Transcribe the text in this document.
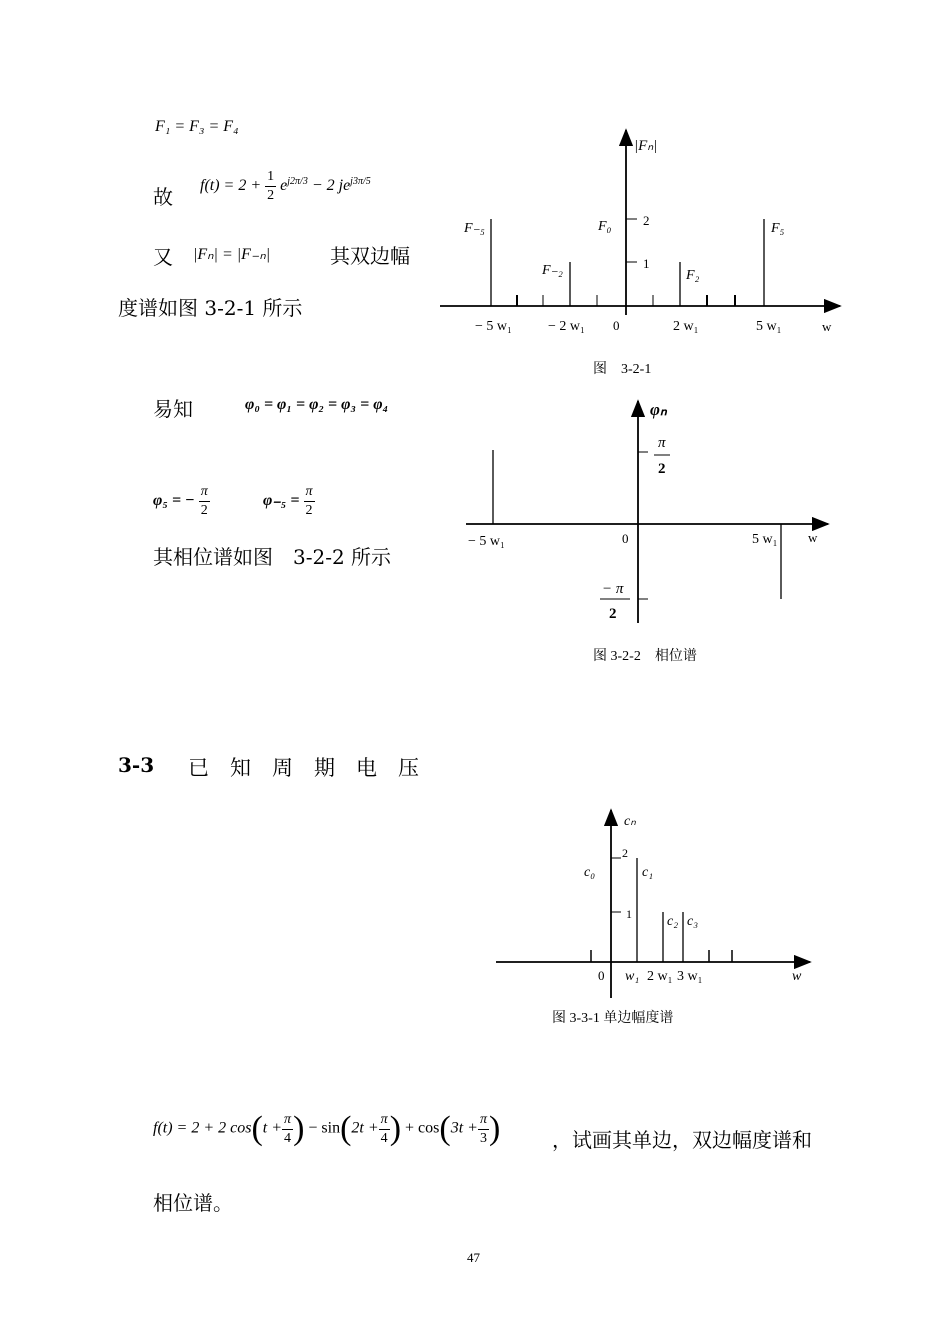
F₁ = F₃ = F₄
故 $f(t) = 2 + \frac{1}{2} e^{j2\pi/3} - 2$ $je^{j3\pi/5}$
又 |Fₙ| = |F₋ₙ|	其双边幅
度谱如图 3-2-1 所示
易知	φ₀ = φ₁ = φ₂ = φ₃ = φ₄
φ₅ = − $\frac{\pi}{2}$	$\varphi_{-5} = \frac{\pi}{2}$
其相位谱如图　3-2-2 所示
|Fₙ|
w
2
1
F₋₅
F₋₂
F₀
F₂
F₅
− 5 w₁	− 2 w₁ 0	2 w₁	5 w₁
图　3-2-1
φₙ
w
π
2
− π
2
− 5 w₁	0	5 w₁
图 3-2-2　相位谱
3-3 已　知　周　期　电　压
cₙ
w
2
1
c₀	c₁
c₂ c₃
0 w₁ 2 w₁ 3 w₁
图 3-3-1 单边幅度谱
f(t) = 2 + 2 $\cos(t + \frac{\pi}{4}$ ) − $\sin(2t + \frac{\pi}{4}$ ) + $\cos(3t + \frac{\pi}{3}$ )	，试画其单边，双边幅度谱和
相位谱。
47
